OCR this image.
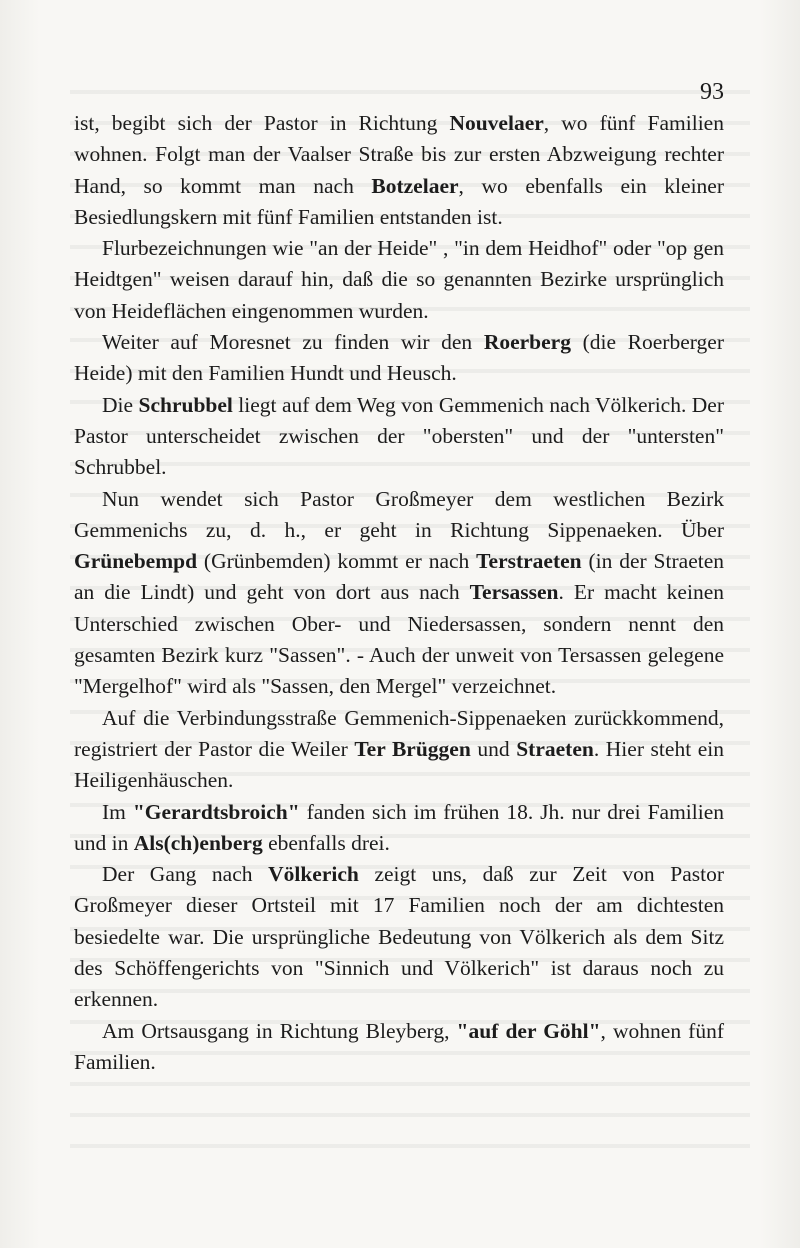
93

ist, begibt sich der Pastor in Richtung Nouvelaer, wo fünf Familien wohnen. Folgt man der Vaalser Straße bis zur ersten Abzweigung rechter Hand, so kommt man nach Botzelaer, wo ebenfalls ein kleiner Besiedlungskern mit fünf Familien entstanden ist.

Flurbezeichnungen wie "an der Heide" , "in dem Heidhof" oder "op gen Heidtgen" weisen darauf hin, daß die so genannten Bezirke ursprünglich von Heideflächen eingenommen wurden.

Weiter auf Moresnet zu finden wir den Roerberg (die Roerberger Heide) mit den Familien Hundt und Heusch.

Die Schrubbel liegt auf dem Weg von Gemmenich nach Völkerich. Der Pastor unterscheidet zwischen der "obersten" und der "untersten" Schrubbel.

Nun wendet sich Pastor Großmeyer dem westlichen Bezirk Gemmenichs zu, d. h., er geht in Richtung Sippenaeken. Über Grünebempd (Grünbemden) kommt er nach Terstraeten (in der Straeten an die Lindt) und geht von dort aus nach Tersassen. Er macht keinen Unterschied zwischen Ober- und Niedersassen, sondern nennt den gesamten Bezirk kurz "Sassen". - Auch der unweit von Tersassen gelegene "Mergelhof" wird als "Sassen, den Mergel" verzeichnet.

Auf die Verbindungsstraße Gemmenich-Sippenaeken zurückkommend, registriert der Pastor die Weiler Ter Brüggen und Straeten. Hier steht ein Heiligenhäuschen.

Im "Gerardtsbroich" fanden sich im frühen 18. Jh. nur drei Familien und in Als(ch)enberg ebenfalls drei.

Der Gang nach Völkerich zeigt uns, daß zur Zeit von Pastor Großmeyer dieser Ortsteil mit 17 Familien noch der am dichtesten besiedelte war. Die ursprüngliche Bedeutung von Völkerich als dem Sitz des Schöffengerichts von "Sinnich und Völkerich" ist daraus noch zu erkennen.

Am Ortsausgang in Richtung Bleyberg, "auf der Göhl", wohnen fünf Familien.
